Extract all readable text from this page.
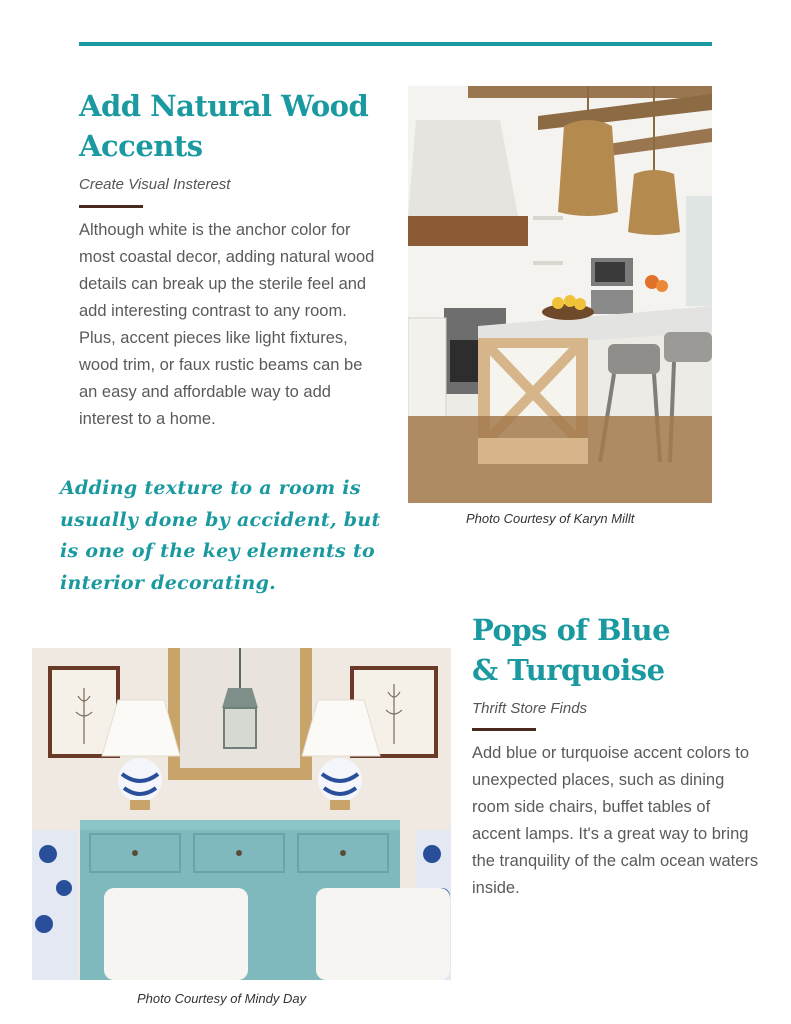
Add Natural Wood Accents
Create Visual Insterest
Although white is the anchor color for most coastal decor, adding natural wood details can break up the sterile feel and add interesting contrast to any room. Plus, accent pieces like light fixtures, wood trim, or faux rustic beams can be an easy and affordable way to add interest to a home.
Photo Courtesy of Karyn Millt
Adding texture to a room is usually done by accident, but is one of the key elements to interior decorating.
Photo Courtesy of Mindy Day
Pops of Blue
& Turquoise
Thrift Store Finds
Add blue or turquoise accent colors to unexpected places, such as dining room side chairs, buffet tables of accent lamps. It's a great way to bring the tranquility of the calm ocean waters inside.
